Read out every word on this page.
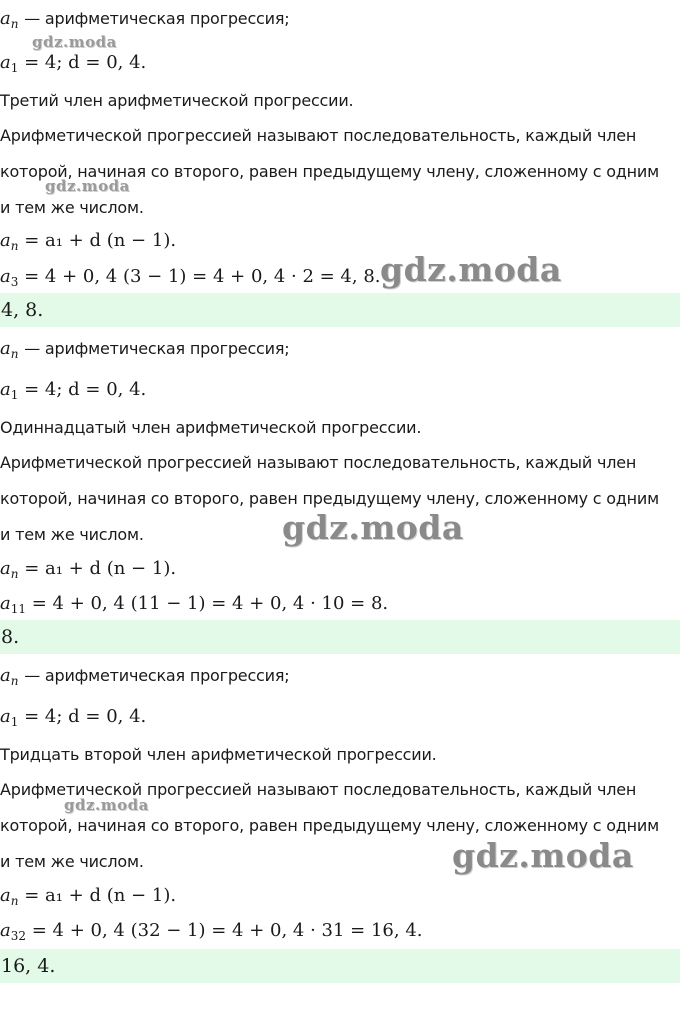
$a_n$ — арифметическая прогрессия;
gdz.moda
$a_1 = 4$; d = 0, 4.
Третий член арифметической прогрессии.
Арифметической прогрессией называют последовательность, каждый член
которой, начиная со второго, равен предыдущему члену, сложенному с одним
gdz.moda
и тем же числом.
$a_n = a_1 + d$ (n − 1).
$a_3 = 4 + 0$, 4 (3 − 1) = 4 + 0, 4 · 2 = 4, 8. gdz.moda
4, 8.
$a_n$ — арифметическая прогрессия;
$a_1 = 4$; d = 0, 4.
Одиннадцатый член арифметической прогрессии.
Арифметической прогрессией называют последовательность, каждый член
которой, начиная со второго, равен предыдущему члену, сложенному с одним
и тем же числом.	gdz.moda
$a_n = a_1 + d$ (n − 1).
$a_{11} = 4 + 0$, 4 (11 − 1) = 4 + 0, 4 · 10 = 8.
8.
$a_n$ — арифметическая прогрессия;
$a_1 = 4$; d = 0, 4.
Тридцать второй член арифметической прогрессии.
Арифметической прогрессией называют последовательность, каждый член
gdz.moda
которой, начиная со второго, равен предыдущему члену, сложенному с одним
и тем же числом.	gdz.moda
$a_n = a_1 + d$ (n − 1).
$a_{32} = 4 + 0$, 4 (32 − 1) = 4 + 0, 4 · 31 = 16, 4.
16, 4.
